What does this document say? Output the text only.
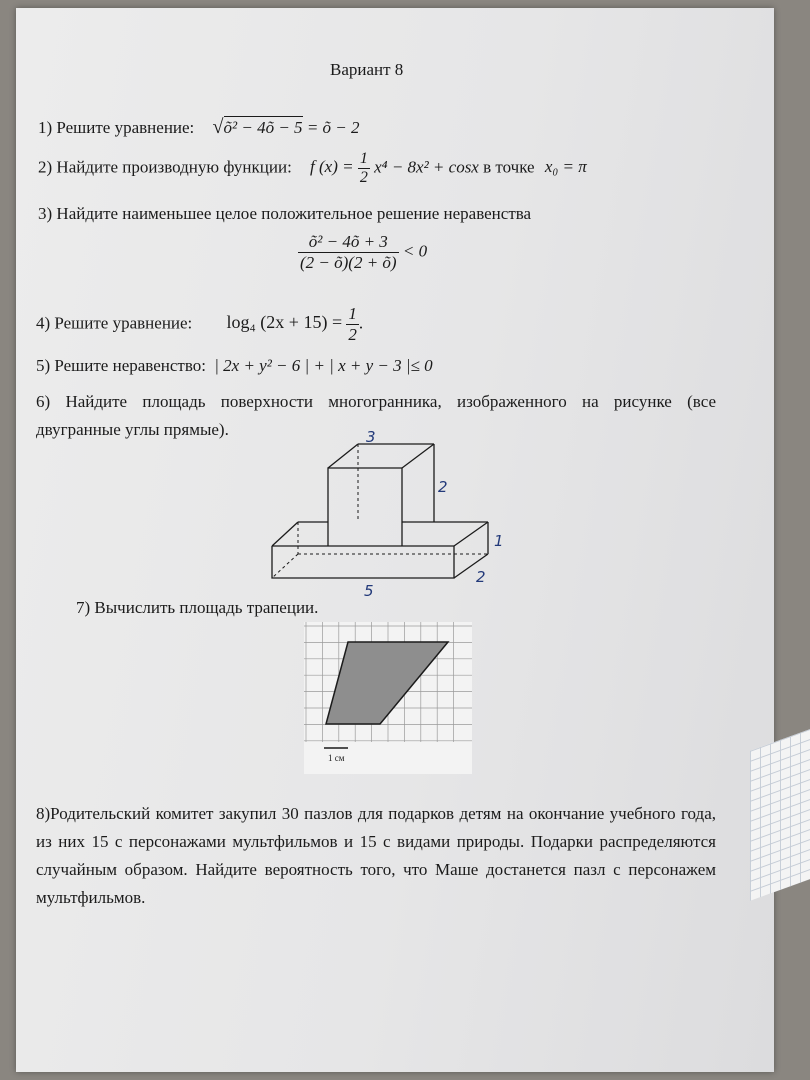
Вариант 8
1) Решите уравнение: √õ² − 4õ − 5 = õ − 2
2) Найдите производную функции: f $(x) = \frac{1}{2} x^4 - 8x^2 + \cos x$ в точке x₀ = π
3) Найдите наименьшее целое положительное решение неравенства
$\frac{\text{õ² − 4õ + 3}}{(2 - õ)(2 + õ)} < 0$
4) Решите уравнение: log₄ $(2x + 15) = \frac{1}{2}$ .
5) Решите неравенство: | 2x + y² − 6 | + | x + y − 3 |≤ 0
6) Найдите площадь поверхности многогранника, изображенного на рисунке (все двугранные углы прямые).	3
2
1
2
5
7) Вычислить площадь трапеции.
1 см
8)Родительский комитет закупил 30 пазлов для подарков детям на окончание учебного года, из них 15 с персонажами мультфильмов и 15 с видами природы. Подарки распределяются случайным образом. Найдите вероятность того, что Маше достанется пазл с персонажем мультфильмов.
